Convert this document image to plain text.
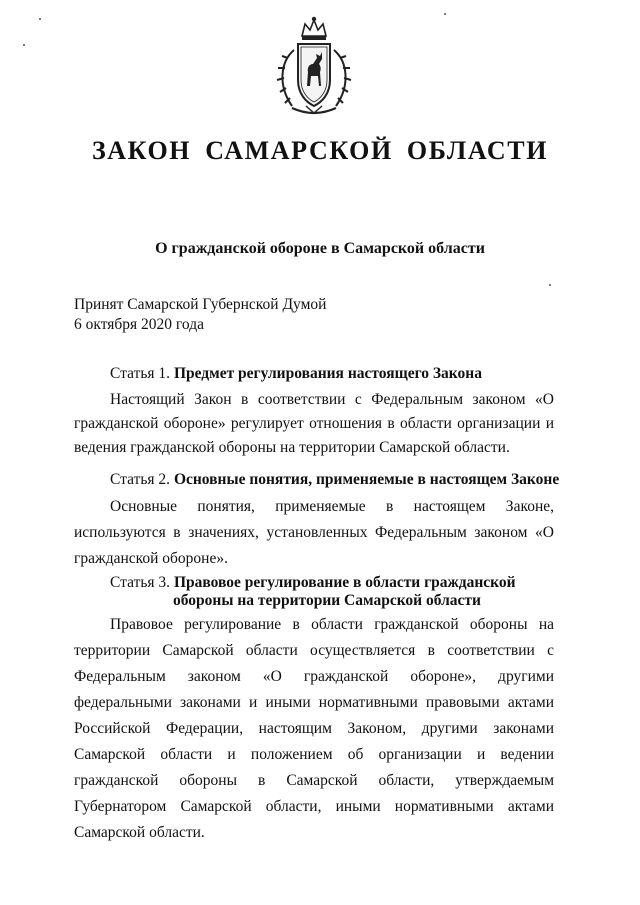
ЗАКОН САМАРСКОЙ ОБЛАСТИ
О гражданской обороне в Самарской области
Принят Самарской Губернской Думой
6 октября 2020 года
Статья 1. Предмет регулирования настоящего Закона
Настоящий Закон в соответствии с Федеральным законом «О гражданской обороне» регулирует отношения в области организации и ведения гражданской обороны на территории Самарской области.
Статья 2. Основные понятия, применяемые в настоящем Законе
Основные понятия, применяемые в настоящем Законе, используются в значениях, установленных Федеральным законом «О гражданской обороне».
Статья 3. Правовое регулирование в области гражданской
обороны на территории Самарской области
Правовое регулирование в области гражданской обороны на территории Самарской области осуществляется в соответствии с Федеральным законом «О гражданской обороне», другими федеральными законами и иными нормативными правовыми актами Российской Федерации, настоящим Законом, другими законами Самарской области и положением об организации и ведении гражданской обороны в Самарской области, утверждаемым Губернатором Самарской области, иными нормативными актами Самарской области.
